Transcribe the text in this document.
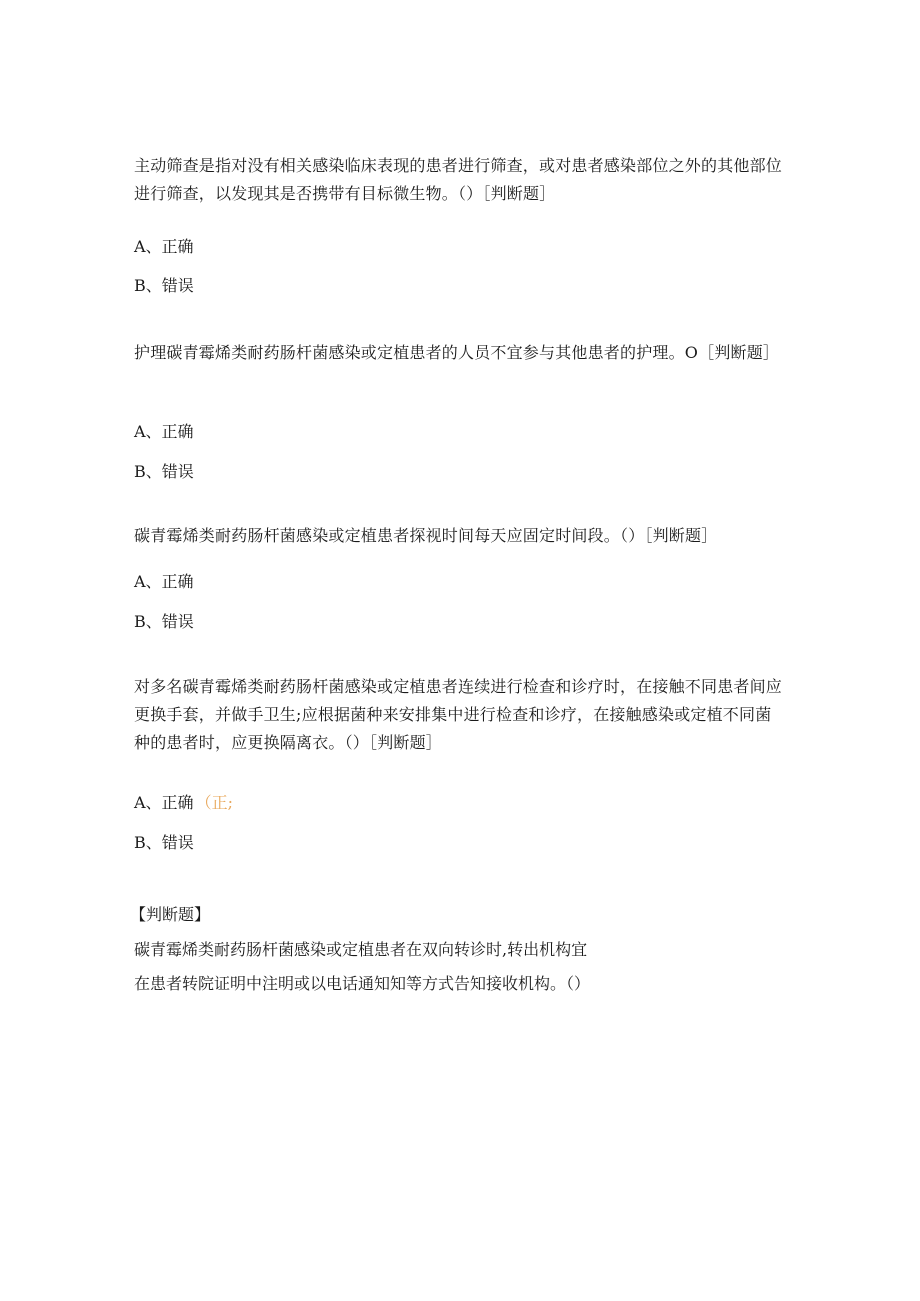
主动筛查是指对没有相关感染临床表现的患者进行筛查，或对患者感染部位之外的其他部位进行筛查，以发现其是否携带有目标微生物。（）［判断题］
A、正确
B、错误
护理碳青霉烯类耐药肠杆菌感染或定植患者的人员不宜参与其他患者的护理。O［判断题］
A、正确
B、错误
碳青霉烯类耐药肠杆菌感染或定植患者探视时间每天应固定时间段。（）［判断题］
A、正确
B、错误
对多名碳青霉烯类耐药肠杆菌感染或定植患者连续进行检查和诊疗时，在接触不同患者间应更换手套，并做手卫生;应根据菌种来安排集中进行检查和诊疗，在接触感染或定植不同菌种的患者时，应更换隔离衣。（）［判断题］
A、正确 （正;
B、错误
【判断题】
碳青霉烯类耐药肠杆菌感染或定植患者在双向转诊时,转出机构宜
在患者转院证明中注明或以电话通知知等方式告知接收机构。（）
